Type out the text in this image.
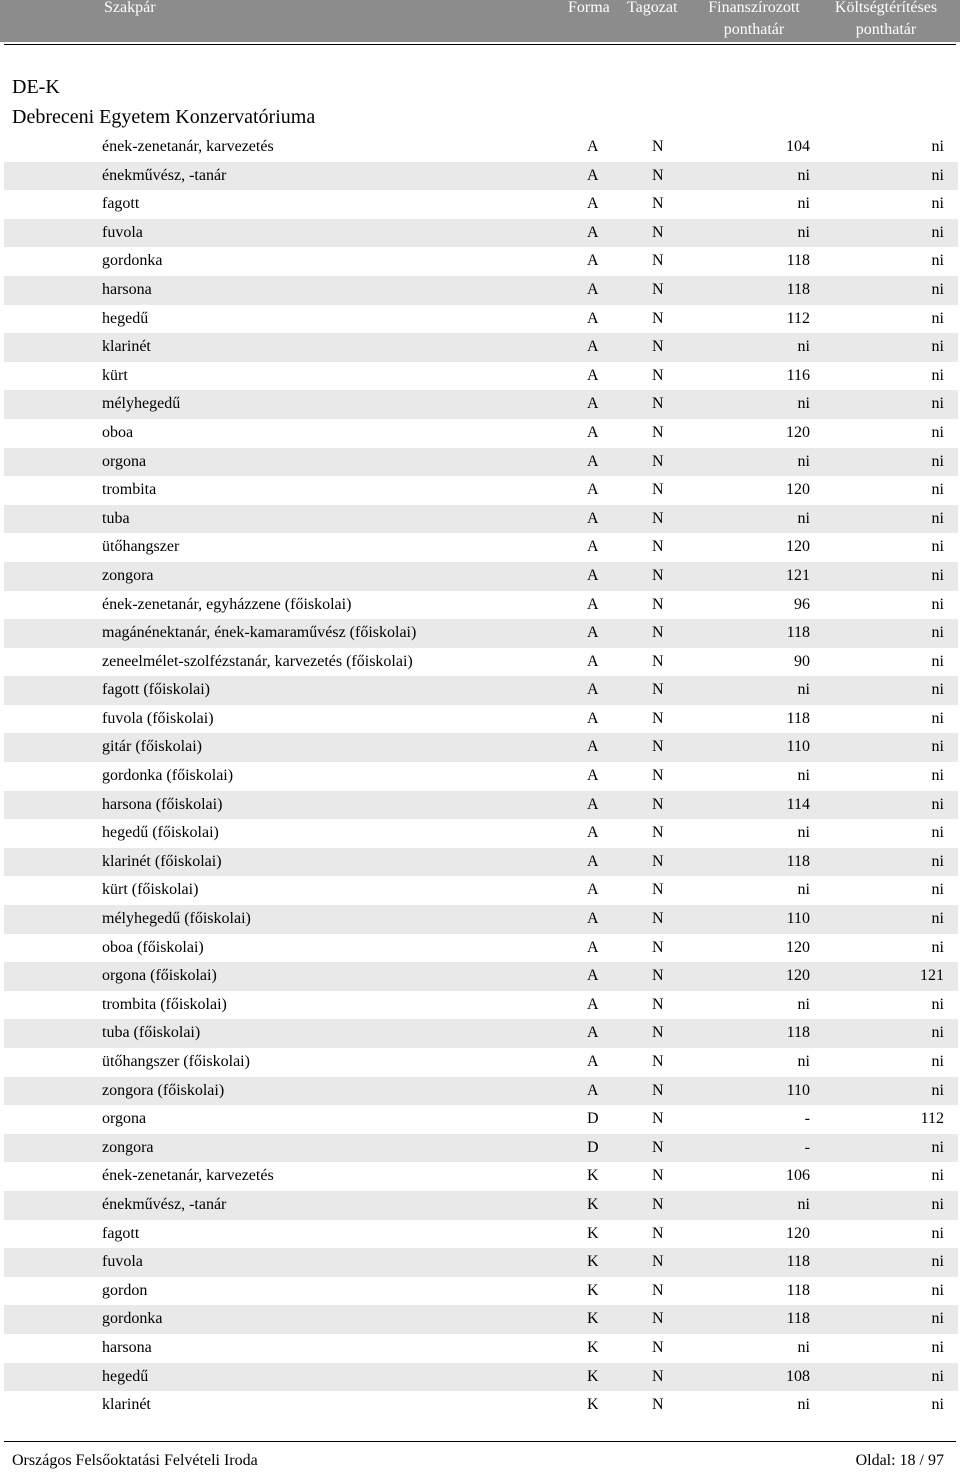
Szakpár	Forma Tagozat Finanszírozott
ponthatár
Költségtérítéses
ponthatár
DE-K
Debreceni Egyetem Konzervatóriuma
ének-zenetanár, karvezetés	A	N	104	ni
énekművész, -tanár	A	N	ni	ni
fagott	A	N	ni	ni
fuvola	A	N	ni	ni
gordonka	A	N	118	ni
harsona	A	N	118	ni
hegedű	A	N	112	ni
klarinét	A	N	ni	ni
kürt	A	N	116	ni
mélyhegedű	A	N	ni	ni
oboa	A	N	120	ni
orgona	A	N	ni	ni
trombita	A	N	120	ni
tuba	A	N	ni	ni
ütőhangszer	A	N	120	ni
zongora	A	N	121	ni
ének-zenetanár, egyházzene (főiskolai)	A	N	96	ni
magánénektanár, ének-kamaraművész (főiskolai)	A	N	118	ni
zeneelmélet-szolfézstanár, karvezetés (főiskolai)	A	N	90	ni
fagott (főiskolai)	A	N	ni	ni
fuvola (főiskolai)	A	N	118	ni
gitár (főiskolai)	A	N	110	ni
gordonka (főiskolai)	A	N	ni	ni
harsona (főiskolai)	A	N	114	ni
hegedű (főiskolai)	A	N	ni	ni
klarinét (főiskolai)	A	N	118	ni
kürt (főiskolai)	A	N	ni	ni
mélyhegedű (főiskolai)	A	N	110	ni
oboa (főiskolai)	A	N	120	ni
orgona (főiskolai)	A	N	120	121
trombita (főiskolai)	A	N	ni	ni
tuba (főiskolai)	A	N	118	ni
ütőhangszer (főiskolai)	A	N	ni	ni
zongora (főiskolai)	A	N	110	ni
orgona	D	N	-	112
zongora	D	N	-	ni
ének-zenetanár, karvezetés	K	N	106	ni
énekművész, -tanár	K	N	ni	ni
fagott	K	N	120	ni
fuvola	K	N	118	ni
gordon	K	N	118	ni
gordonka	K	N	118	ni
harsona	K	N	ni	ni
hegedű	K	N	108	ni
klarinét	K	N	ni	ni
Országos Felsőoktatási Felvételi Iroda	Oldal: 18 / 97
